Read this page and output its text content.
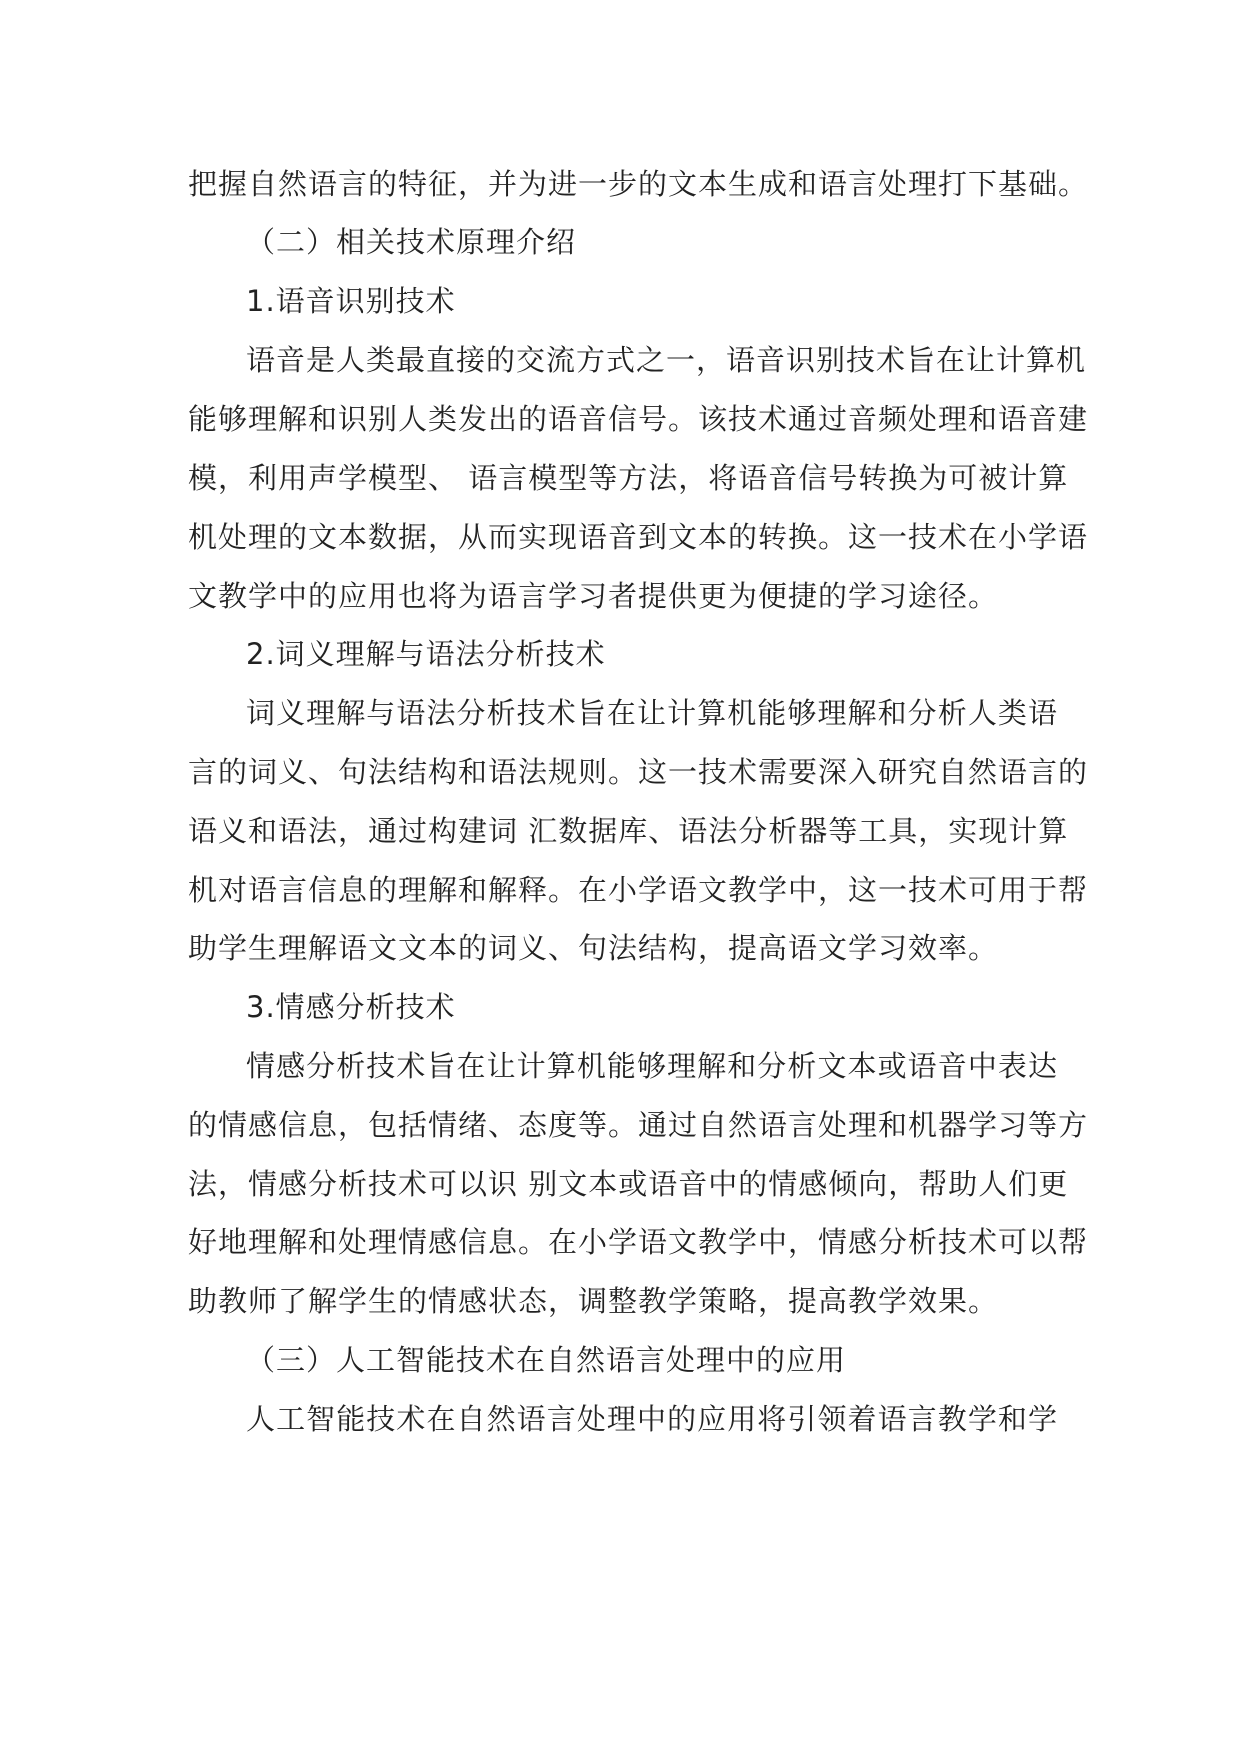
把握自然语言的特征，并为进一步的文本生成和语言处理打下基础。
（二）相关技术原理介绍
1.语音识别技术
语音是人类最直接的交流方式之一，语音识别技术旨在让计算机
能够理解和识别人类发出的语音信号。该技术通过音频处理和语音建
模，利用声学模型、 语言模型等方法，将语音信号转换为可被计算
机处理的文本数据，从而实现语音到文本的转换。这一技术在小学语
文教学中的应用也将为语言学习者提供更为便捷的学习途径。
2.词义理解与语法分析技术
词义理解与语法分析技术旨在让计算机能够理解和分析人类语
言的词义、句法结构和语法规则。这一技术需要深入研究自然语言的
语义和语法，通过构建词 汇数据库、语法分析器等工具，实现计算
机对语言信息的理解和解释。在小学语文教学中，这一技术可用于帮
助学生理解语文文本的词义、句法结构，提高语文学习效率。
3.情感分析技术
情感分析技术旨在让计算机能够理解和分析文本或语音中表达
的情感信息，包括情绪、态度等。通过自然语言处理和机器学习等方
法，情感分析技术可以识 别文本或语音中的情感倾向，帮助人们更
好地理解和处理情感信息。在小学语文教学中，情感分析技术可以帮
助教师了解学生的情感状态，调整教学策略，提高教学效果。
（三）人工智能技术在自然语言处理中的应用
人工智能技术在自然语言处理中的应用将引领着语言教学和学
